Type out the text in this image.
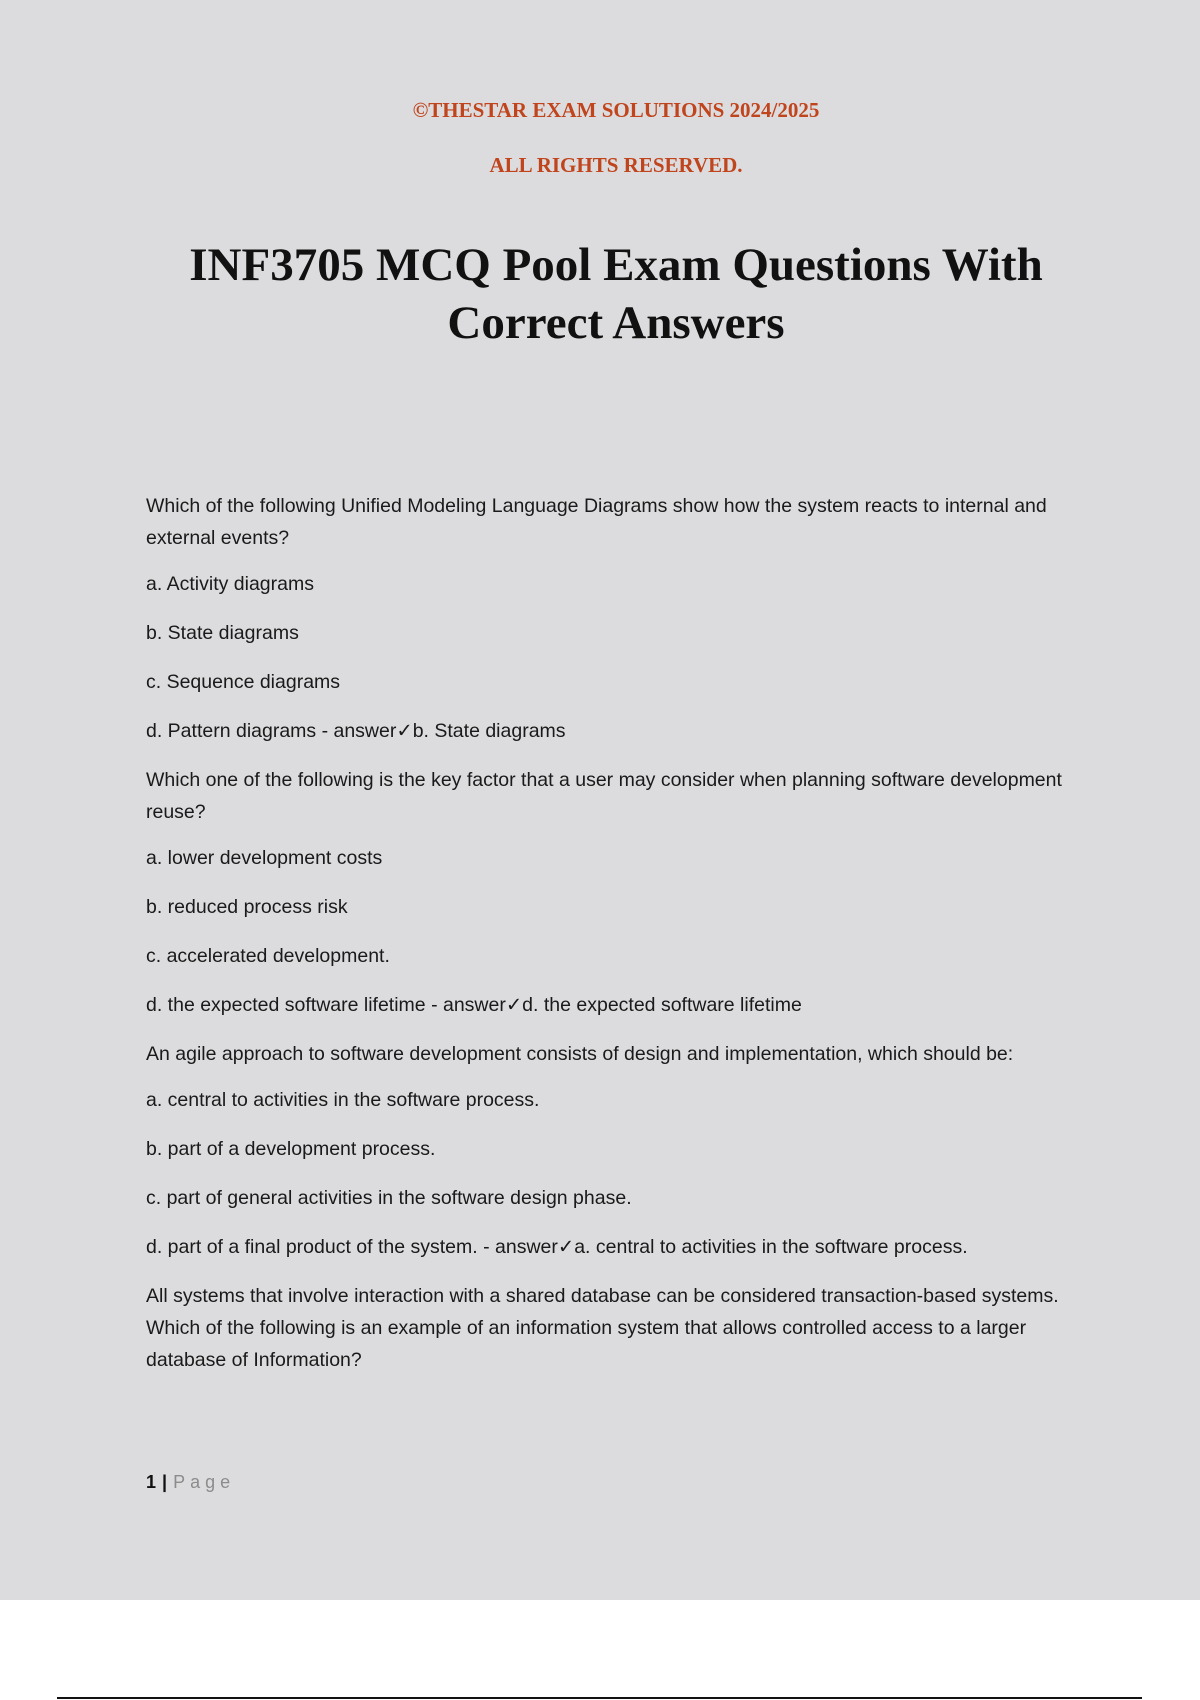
©THESTAR EXAM SOLUTIONS 2024/2025
ALL RIGHTS RESERVED.
INF3705 MCQ Pool Exam Questions With
Correct Answers
Which of the following Unified Modeling Language Diagrams show how the system reacts to internal and external events?
a. Activity diagrams
b. State diagrams
c. Sequence diagrams
d. Pattern diagrams - answer✓b. State diagrams
Which one of the following is the key factor that a user may consider when planning software development reuse?
a. lower development costs
b. reduced process risk
c. accelerated development.
d. the expected software lifetime - answer✓d. the expected software lifetime
An agile approach to software development consists of design and implementation, which should be:
a. central to activities in the software process.
b. part of a development process.
c. part of general activities in the software design phase.
d. part of a final product of the system. - answer✓a. central to activities in the software process.
All systems that involve interaction with a shared database can be considered transaction-based systems. Which of the following is an example of an information system that allows controlled access to a larger database of Information?
1 | Page
